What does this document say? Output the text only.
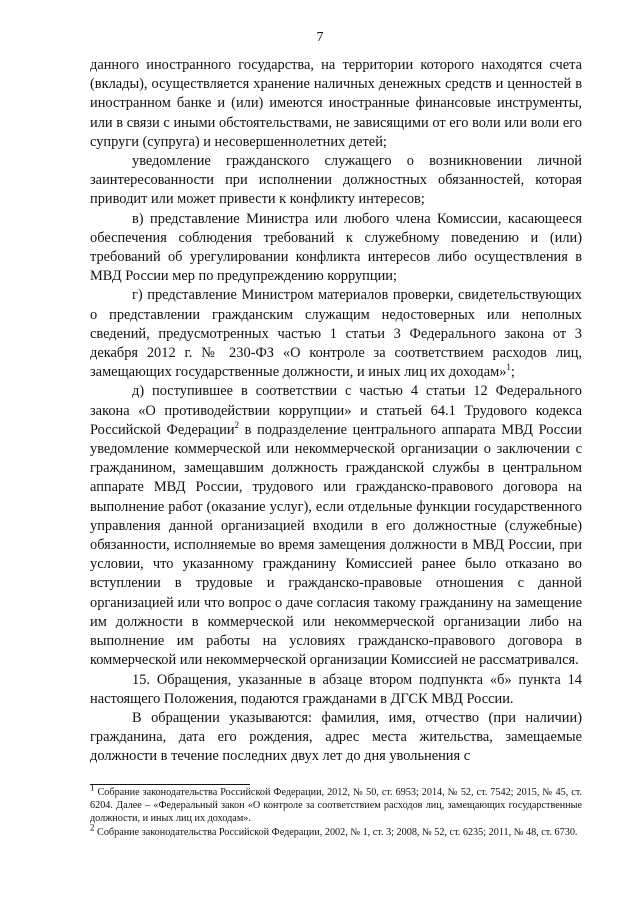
7

данного иностранного государства, на территории которого находятся счета (вклады), осуществляется хранение наличных денежных средств и ценностей в иностранном банке и (или) имеются иностранные финансовые инструменты, или в связи с иными обстоятельствами, не зависящими от его воли или воли его супруги (супруга) и несовершеннолетних детей;

уведомление гражданского служащего о возникновении личной заинтересованности при исполнении должностных обязанностей, которая приводит или может привести к конфликту интересов;

в) представление Министра или любого члена Комиссии, касающееся обеспечения соблюдения требований к служебному поведению и (или) требований об урегулировании конфликта интересов либо осуществления в МВД России мер по предупреждению коррупции;

г) представление Министром материалов проверки, свидетельствующих о представлении гражданским служащим недостоверных или неполных сведений, предусмотренных частью 1 статьи 3 Федерального закона от 3 декабря 2012 г. № 230-ФЗ «О контроле за соответствием расходов лиц, замещающих государственные должности, и иных лиц их доходам»$^1$;

д) поступившее в соответствии с частью 4 статьи 12 Федерального закона «О противодействии коррупции» и статьей 64.1 Трудового кодекса Российской Федерации$^2$ в подразделение центрального аппарата МВД России уведомление коммерческой или некоммерческой организации о заключении с гражданином, замещавшим должность гражданской службы в центральном аппарате МВД России, трудового или гражданско-правового договора на выполнение работ (оказание услуг), если отдельные функции государственного управления данной организацией входили в его должностные (служебные) обязанности, исполняемые во время замещения должности в МВД России, при условии, что указанному гражданину Комиссией ранее было отказано во вступлении в трудовые и гражданско-правовые отношения с данной организацией или что вопрос о даче согласия такому гражданину на замещение им должности в коммерческой или некоммерческой организации либо на выполнение им работы на условиях гражданско-правового договора в коммерческой или некоммерческой организации Комиссией не рассматривался.

15. Обращения, указанные в абзаце втором подпункта «б» пункта 14 настоящего Положения, подаются гражданами в ДГСК МВД России.

В обращении указываются: фамилия, имя, отчество (при наличии) гражданина, дата его рождения, адрес места жительства, замещаемые должности в течение последних двух лет до дня увольнения с

$^1$ Собрание законодательства Российской Федерации, 2012, № 50, ст. 6953; 2014, № 52, ст. 7542; 2015, № 45, ст. 6204. Далее – «Федеральный закон «О контроле за соответствием расходов лиц, замещающих государственные должности, и иных лиц их доходам».

$^2$ Собрание законодательства Российской Федерации, 2002, № 1, ст. 3; 2008, № 52, ст. 6235; 2011, № 48, ст. 6730.
